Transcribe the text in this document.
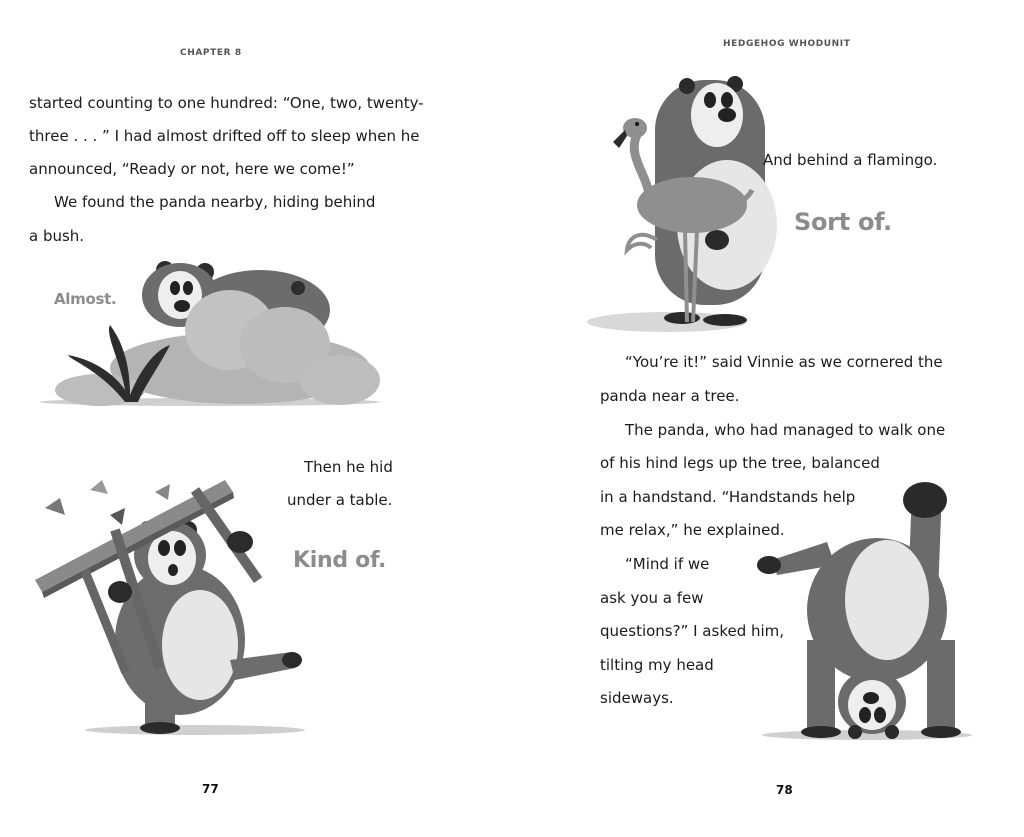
CHAPTER 8
started counting to one hundred: “One, two, twenty-
three . . . ” I had almost drifted off to sleep when he
announced, “Ready or not, here we come!”
We found the panda nearby, hiding behind
a bush.
Almost.
Then he hid
under a table.
Kind of.
77
HEDGEHOG WHODUNIT
And behind a flamingo.
Sort of.
“You’re it!” said Vinnie as we cornered the
panda near a tree.
The panda, who had managed to walk one
of his hind legs up the tree, balanced
in a handstand. “Handstands help
me relax,” he explained.
“Mind if we
ask you a few
questions?” I asked him,
tilting my head
sideways.
78
